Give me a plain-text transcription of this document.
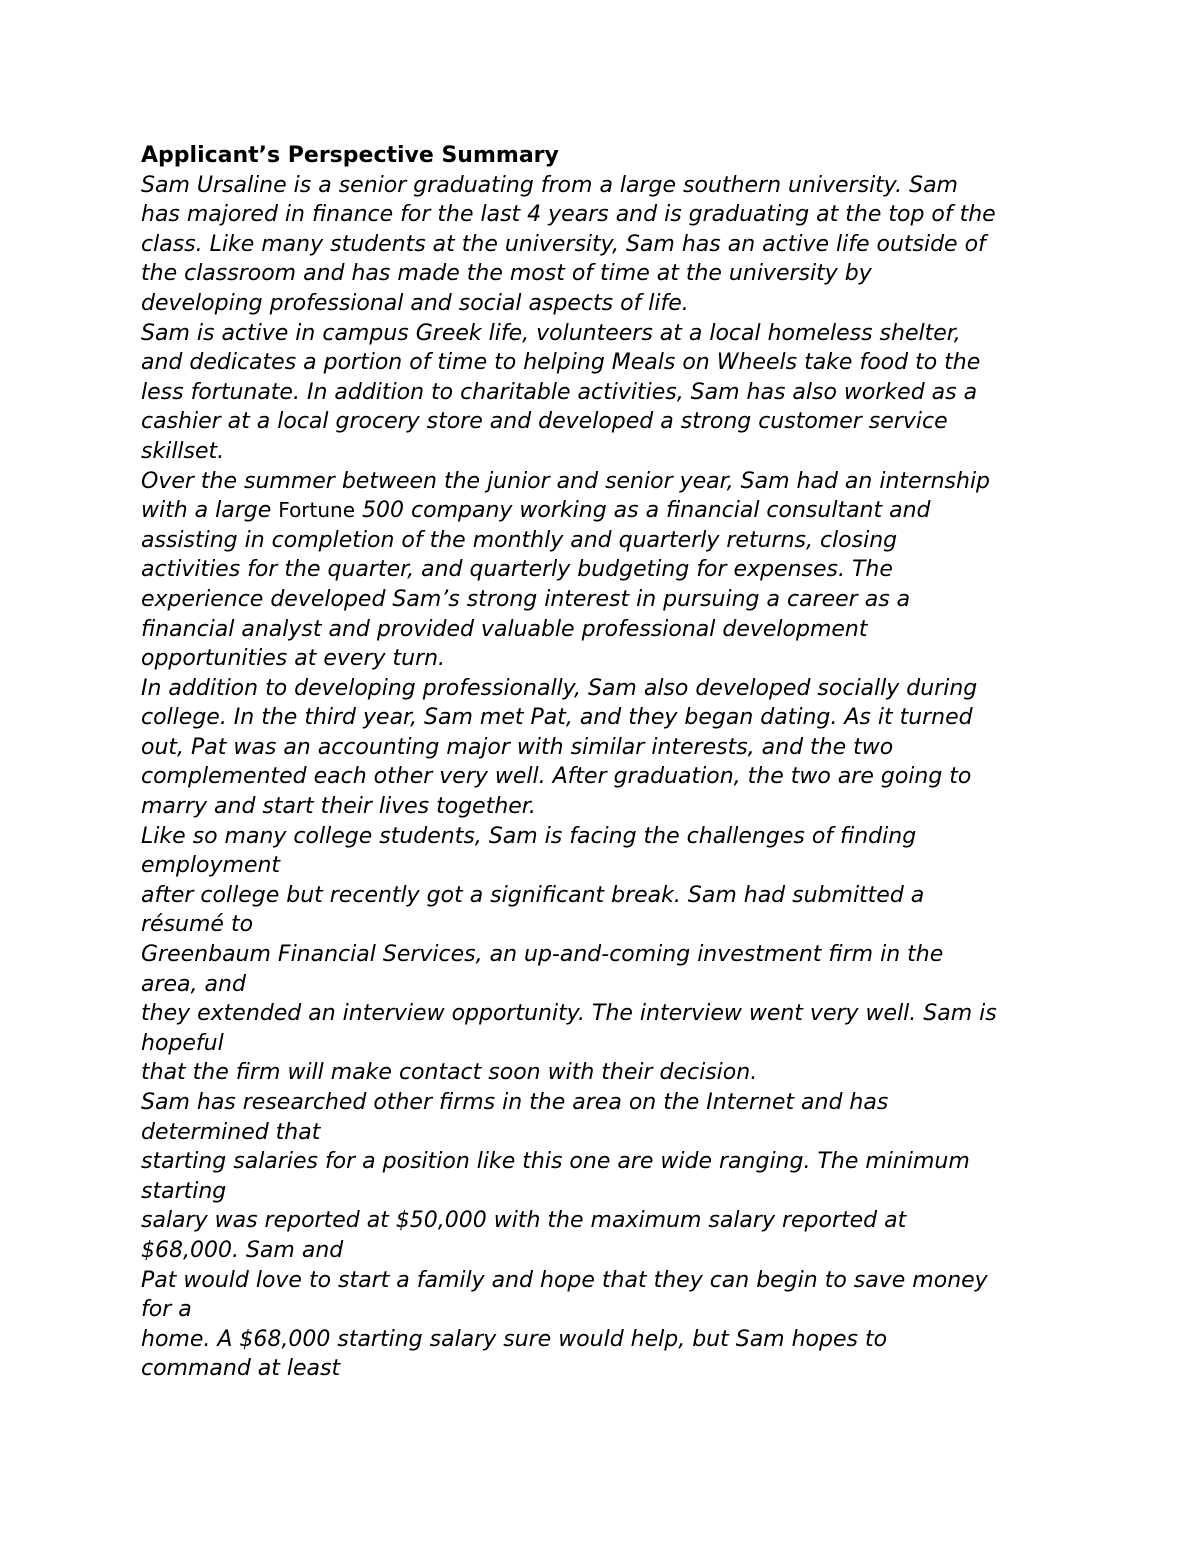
Applicant’s Perspective Summary
Sam Ursaline is a senior graduating from a large southern university. Sam
has majored in finance for the last 4 years and is graduating at the top of the
class. Like many students at the university, Sam has an active life outside of
the classroom and has made the most of time at the university by
developing professional and social aspects of life.
Sam is active in campus Greek life, volunteers at a local homeless shelter,
and dedicates a portion of time to helping Meals on Wheels take food to the
less fortunate. In addition to charitable activities, Sam has also worked as a
cashier at a local grocery store and developed a strong customer service
skillset.
Over the summer between the junior and senior year, Sam had an internship
with a large Fortune 500 company working as a financial consultant and
assisting in completion of the monthly and quarterly returns, closing
activities for the quarter, and quarterly budgeting for expenses. The
experience developed Sam’s strong interest in pursuing a career as a
financial analyst and provided valuable professional development
opportunities at every turn.
In addition to developing professionally, Sam also developed socially during
college. In the third year, Sam met Pat, and they began dating. As it turned
out, Pat was an accounting major with similar interests, and the two
complemented each other very well. After graduation, the two are going to
marry and start their lives together.
Like so many college students, Sam is facing the challenges of finding
employment
after college but recently got a significant break. Sam had submitted a
résumé to
Greenbaum Financial Services, an up-and-coming investment firm in the
area, and
they extended an interview opportunity. The interview went very well. Sam is
hopeful
that the firm will make contact soon with their decision.
Sam has researched other firms in the area on the Internet and has
determined that
starting salaries for a position like this one are wide ranging. The minimum
starting
salary was reported at $50,000 with the maximum salary reported at
$68,000. Sam and
Pat would love to start a family and hope that they can begin to save money
for a
home. A $68,000 starting salary sure would help, but Sam hopes to
command at least
